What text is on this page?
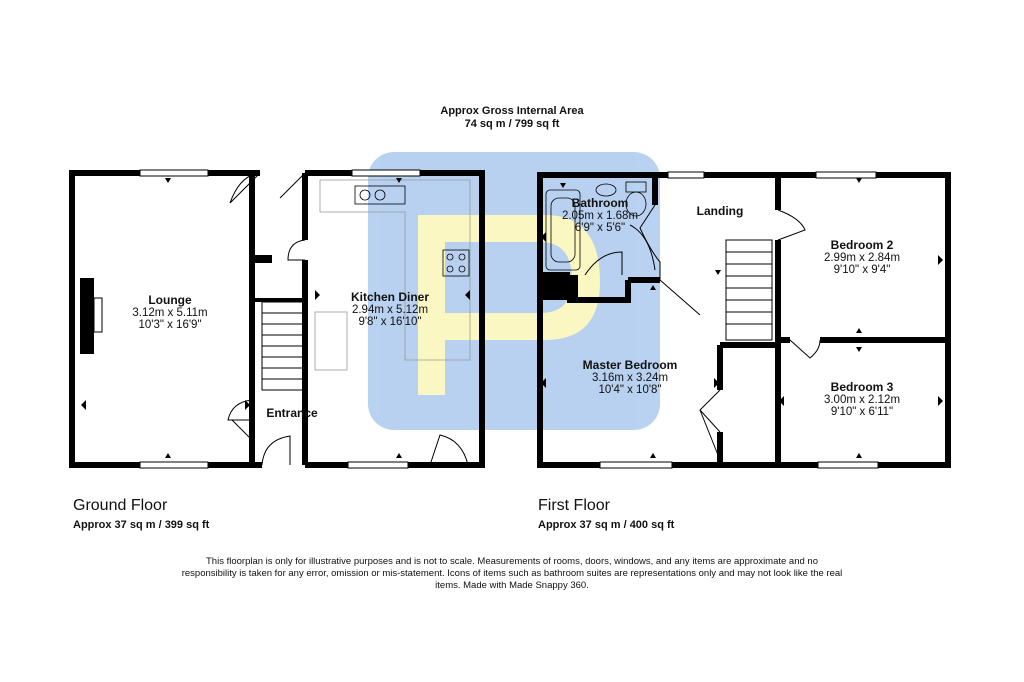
Approx Gross Internal Area
74 sq m / 799 sq ft
Lounge
3.12m x 5.11m
10'3" x 16'9"
Kitchen Diner
2.94m x 5.12m
9'8" x 16'10"
Entrance
Bathroom
2.05m x 1.68m
6'9" x 5'6"
Landing
Master Bedroom
3.16m x 3.24m
10'4" x 10'8"
Bedroom 2
2.99m x 2.84m
9'10" x 9'4"
Bedroom 3
3.00m x 2.12m
9'10" x 6'11"
Ground Floor
Approx 37 sq m / 399 sq ft
First Floor
Approx 37 sq m / 400 sq ft
This floorplan is only for illustrative purposes and is not to scale. Measurements of rooms, doors, windows, and any items are approximate and no responsibility is taken for any error, omission or mis-statement. Icons of items such as bathroom suites are representations only and may not look like the real items. Made with Made Snappy 360.
